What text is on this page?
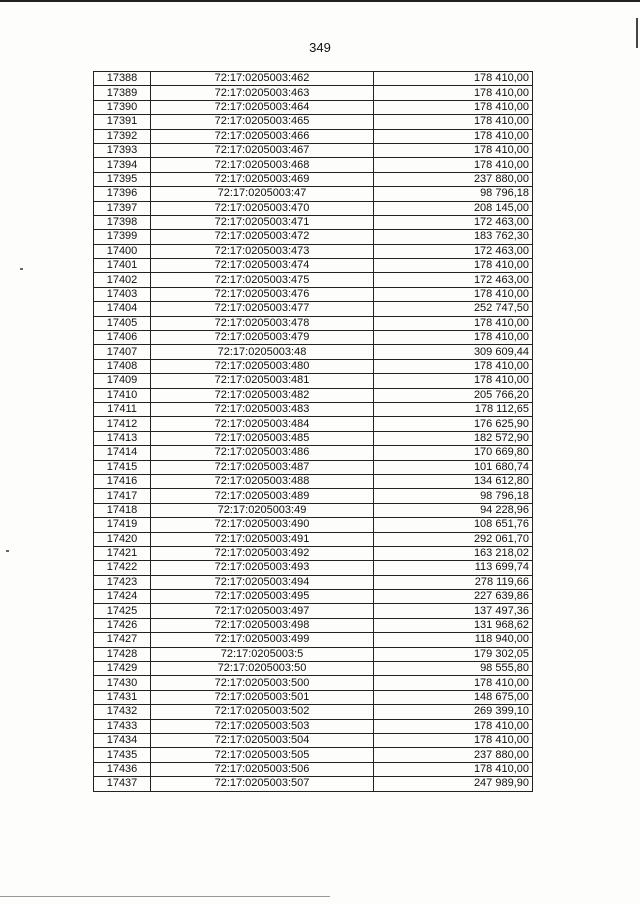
349
17388	72:17:0205003:462	178 410,00
17389	72:17:0205003:463	178 410,00
17390	72:17:0205003:464	178 410,00
17391	72:17:0205003:465	178 410,00
17392	72:17:0205003:466	178 410,00
17393	72:17:0205003:467	178 410,00
17394	72:17:0205003:468	178 410,00
17395	72:17:0205003:469	237 880,00
17396	72:17:0205003:47	98 796,18
17397	72:17:0205003:470	208 145,00
17398	72:17:0205003:471	172 463,00
17399	72:17:0205003:472	183 762,30
17400	72:17:0205003:473	172 463,00
17401	72:17:0205003:474	178 410,00
17402	72:17:0205003:475	172 463,00
17403	72:17:0205003:476	178 410,00
17404	72:17:0205003:477	252 747,50
17405	72:17:0205003:478	178 410,00
17406	72:17:0205003:479	178 410,00
17407	72:17:0205003:48	309 609,44
17408	72:17:0205003:480	178 410,00
17409	72:17:0205003:481	178 410,00
17410	72:17:0205003:482	205 766,20
17411	72:17:0205003:483	178 112,65
17412	72:17:0205003:484	176 625,90
17413	72:17:0205003:485	182 572,90
17414	72:17:0205003:486	170 669,80
17415	72:17:0205003:487	101 680,74
17416	72:17:0205003:488	134 612,80
17417	72:17:0205003:489	98 796,18
17418	72:17:0205003:49	94 228,96
17419	72:17:0205003:490	108 651,76
17420	72:17:0205003:491	292 061,70
17421	72:17:0205003:492	163 218,02
17422	72:17:0205003:493	113 699,74
17423	72:17:0205003:494	278 119,66
17424	72:17:0205003:495	227 639,86
17425	72:17:0205003:497	137 497,36
17426	72:17:0205003:498	131 968,62
17427	72:17:0205003:499	118 940,00
17428	72:17:0205003:5	179 302,05
17429	72:17:0205003:50	98 555,80
17430	72:17:0205003:500	178 410,00
17431	72:17:0205003:501	148 675,00
17432	72:17:0205003:502	269 399,10
17433	72:17:0205003:503	178 410,00
17434	72:17:0205003:504	178 410,00
17435	72:17:0205003:505	237 880,00
17436	72:17:0205003:506	178 410,00
17437	72:17:0205003:507	247 989,90
